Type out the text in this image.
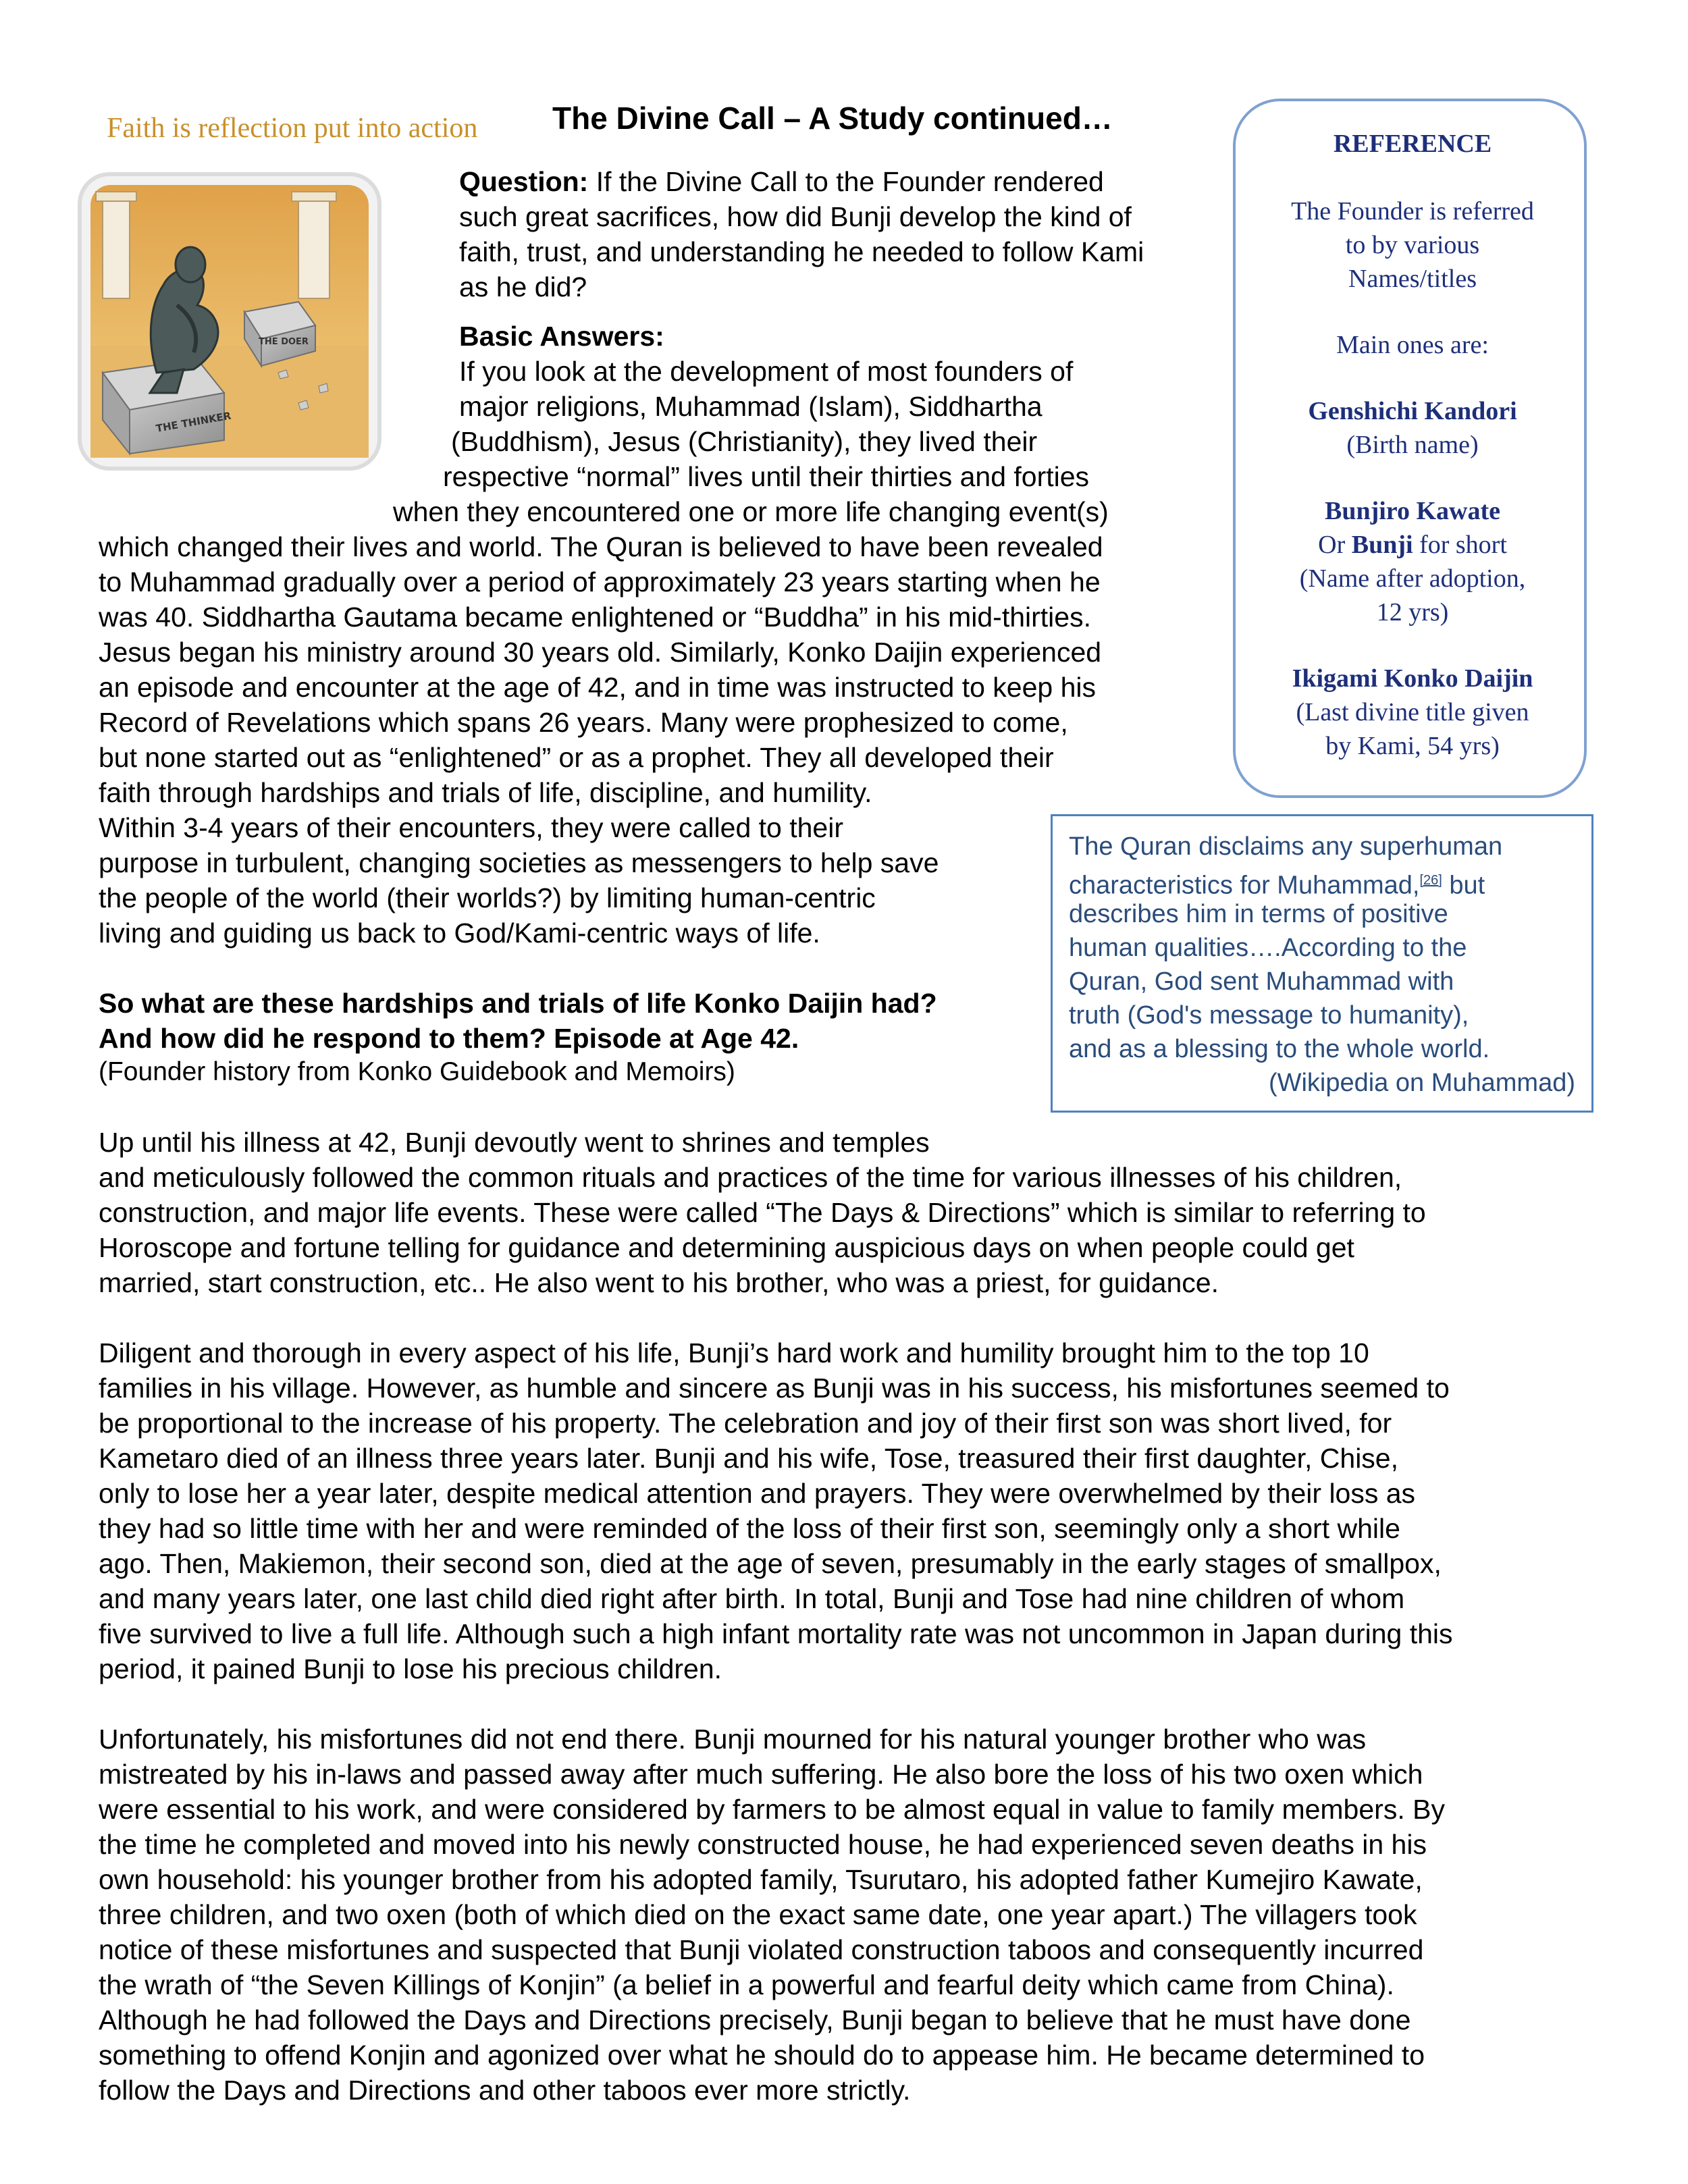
Faith is reflection put into action The Divine Call – A Study continued…
THE DOER
THE THINKER
Question: If the Divine Call to the Founder rendered
such great sacrifices, how did Bunji develop the kind of
faith, trust, and understanding he needed to follow Kami
as he did?
Basic Answers:
If you look at the development of most founders of
major religions, Muhammad (Islam), Siddhartha
(Buddhism), Jesus (Christianity), they lived their
respective “normal” lives until their thirties and forties
when they encountered one or more life changing event(s)
which changed their lives and world. The Quran is believed to have been revealed
to Muhammad gradually over a period of approximately 23 years starting when he
was 40. Siddhartha Gautama became enlightened or “Buddha” in his mid-thirties.
Jesus began his ministry around 30 years old. Similarly, Konko Daijin experienced
an episode and encounter at the age of 42, and in time was instructed to keep his
Record of Revelations which spans 26 years. Many were prophesized to come,
but none started out as “enlightened” or as a prophet. They all developed their
faith through hardships and trials of life, discipline, and humility.
Within 3-4 years of their encounters, they were called to their
purpose in turbulent, changing societies as messengers to help save
the people of the world (their worlds?) by limiting human-centric
living and guiding us back to God/Kami-centric ways of life.
So what are these hardships and trials of life Konko Daijin had?
And how did he respond to them? Episode at Age 42.
(Founder history from Konko Guidebook and Memoirs)
REFERENCE
The Founder is referred
to by various
Names/titles
Main ones are:
Genshichi Kandori
(Birth name)
Bunjiro Kawate
Or Bunji for short
(Name after adoption,
12 yrs)
Ikigami Konko Daijin
(Last divine title given
by Kami, 54 yrs)
The Quran disclaims any superhuman
characteristics for Muhammad,[26] but
describes him in terms of positive
human qualities….According to the
Quran, God sent Muhammad with
truth (God's message to humanity),
and as a blessing to the whole world.
(Wikipedia on Muhammad)
Up until his illness at 42, Bunji devoutly went to shrines and temples
and meticulously followed the common rituals and practices of the time for various illnesses of his children,
construction, and major life events. These were called “The Days & Directions” which is similar to referring to
Horoscope and fortune telling for guidance and determining auspicious days on when people could get
married, start construction, etc.. He also went to his brother, who was a priest, for guidance.
Diligent and thorough in every aspect of his life, Bunji’s hard work and humility brought him to the top 10
families in his village. However, as humble and sincere as Bunji was in his success, his misfortunes seemed to
be proportional to the increase of his property. The celebration and joy of their first son was short lived, for
Kametaro died of an illness three years later. Bunji and his wife, Tose, treasured their first daughter, Chise,
only to lose her a year later, despite medical attention and prayers. They were overwhelmed by their loss as
they had so little time with her and were reminded of the loss of their first son, seemingly only a short while
ago. Then, Makiemon, their second son, died at the age of seven, presumably in the early stages of smallpox,
and many years later, one last child died right after birth. In total, Bunji and Tose had nine children of whom
five survived to live a full life. Although such a high infant mortality rate was not uncommon in Japan during this
period, it pained Bunji to lose his precious children.
Unfortunately, his misfortunes did not end there. Bunji mourned for his natural younger brother who was
mistreated by his in-laws and passed away after much suffering. He also bore the loss of his two oxen which
were essential to his work, and were considered by farmers to be almost equal in value to family members. By
the time he completed and moved into his newly constructed house, he had experienced seven deaths in his
own household: his younger brother from his adopted family, Tsurutaro, his adopted father Kumejiro Kawate,
three children, and two oxen (both of which died on the exact same date, one year apart.) The villagers took
notice of these misfortunes and suspected that Bunji violated construction taboos and consequently incurred
the wrath of “the Seven Killings of Konjin” (a belief in a powerful and fearful deity which came from China).
Although he had followed the Days and Directions precisely, Bunji began to believe that he must have done
something to offend Konjin and agonized over what he should do to appease him. He became determined to
follow the Days and Directions and other taboos ever more strictly.
